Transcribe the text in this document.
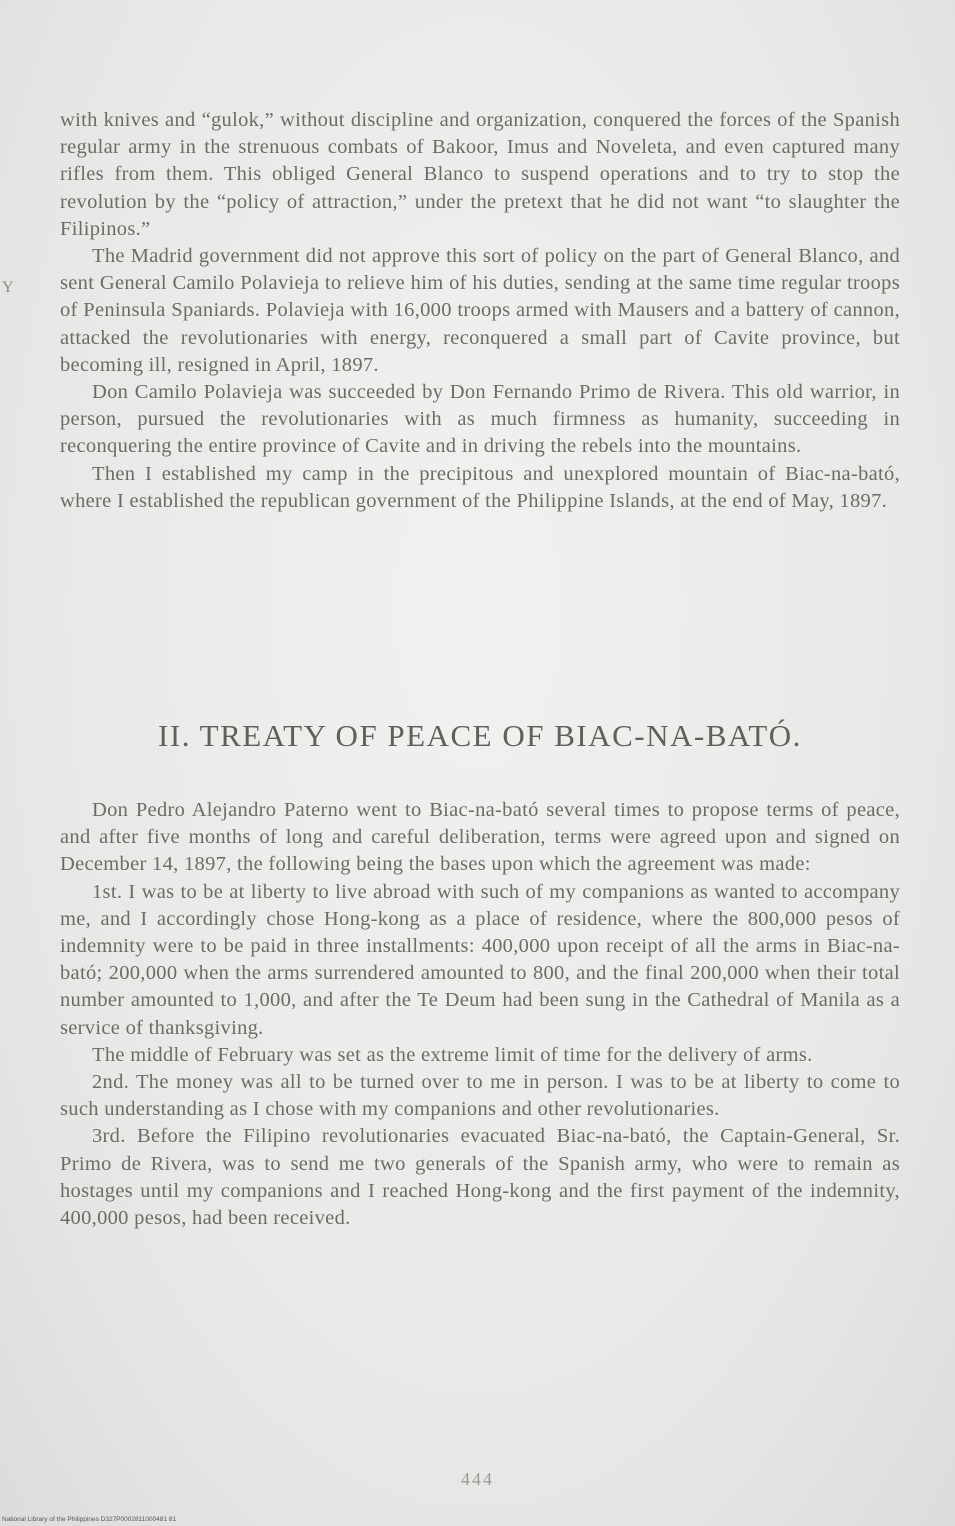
Y

with knives and “gulok,” without discipline and organization, conquered the forces of the Spanish regular army in the strenuous combats of Bakoor, Imus and Noveleta, and even captured many rifles from them. This obliged General Blanco to suspend operations and to try to stop the revolution by the “policy of attraction,” under the pretext that he did not want “to slaughter the Filipinos.”

The Madrid government did not approve this sort of policy on the part of General Blanco, and sent General Camilo Polavieja to relieve him of his duties, sending at the same time regular troops of Peninsula Spaniards. Polavieja with 16,000 troops armed with Mausers and a battery of cannon, attacked the revolutionaries with energy, reconquered a small part of Cavite province, but becoming ill, resigned in April, 1897.

Don Camilo Polavieja was succeeded by Don Fernando Primo de Rivera. This old warrior, in person, pursued the revolutionaries with as much firmness as humanity, succeeding in reconquering the entire province of Cavite and in driving the rebels into the mountains.

Then I established my camp in the precipitous and unexplored mountain of Biac-na-bató, where I established the republican government of the Philippine Islands, at the end of May, 1897.

II. TREATY OF PEACE OF BIAC-NA-BATÓ.

Don Pedro Alejandro Paterno went to Biac-na-bató several times to propose terms of peace, and after five months of long and careful deliberation, terms were agreed upon and signed on December 14, 1897, the following being the bases upon which the agreement was made:

1st. I was to be at liberty to live abroad with such of my companions as wanted to accompany me, and I accordingly chose Hong-kong as a place of residence, where the 800,000 pesos of indemnity were to be paid in three installments: 400,000 upon receipt of all the arms in Biac-na-bató; 200,000 when the arms surrendered amounted to 800, and the final 200,000 when their total number amounted to 1,000, and after the Te Deum had been sung in the Cathedral of Manila as a service of thanksgiving.

The middle of February was set as the extreme limit of time for the delivery of arms.

2nd. The money was all to be turned over to me in person. I was to be at liberty to come to such understanding as I chose with my companions and other revolutionaries.

3rd. Before the Filipino revolutionaries evacuated Biac-na-bató, the Captain-General, Sr. Primo de Rivera, was to send me two generals of the Spanish army, who were to remain as hostages until my companions and I reached Hong-kong and the first payment of the indemnity, 400,000 pesos, had been received.

444
National Library of the Philippines D327P0002811000481 81
